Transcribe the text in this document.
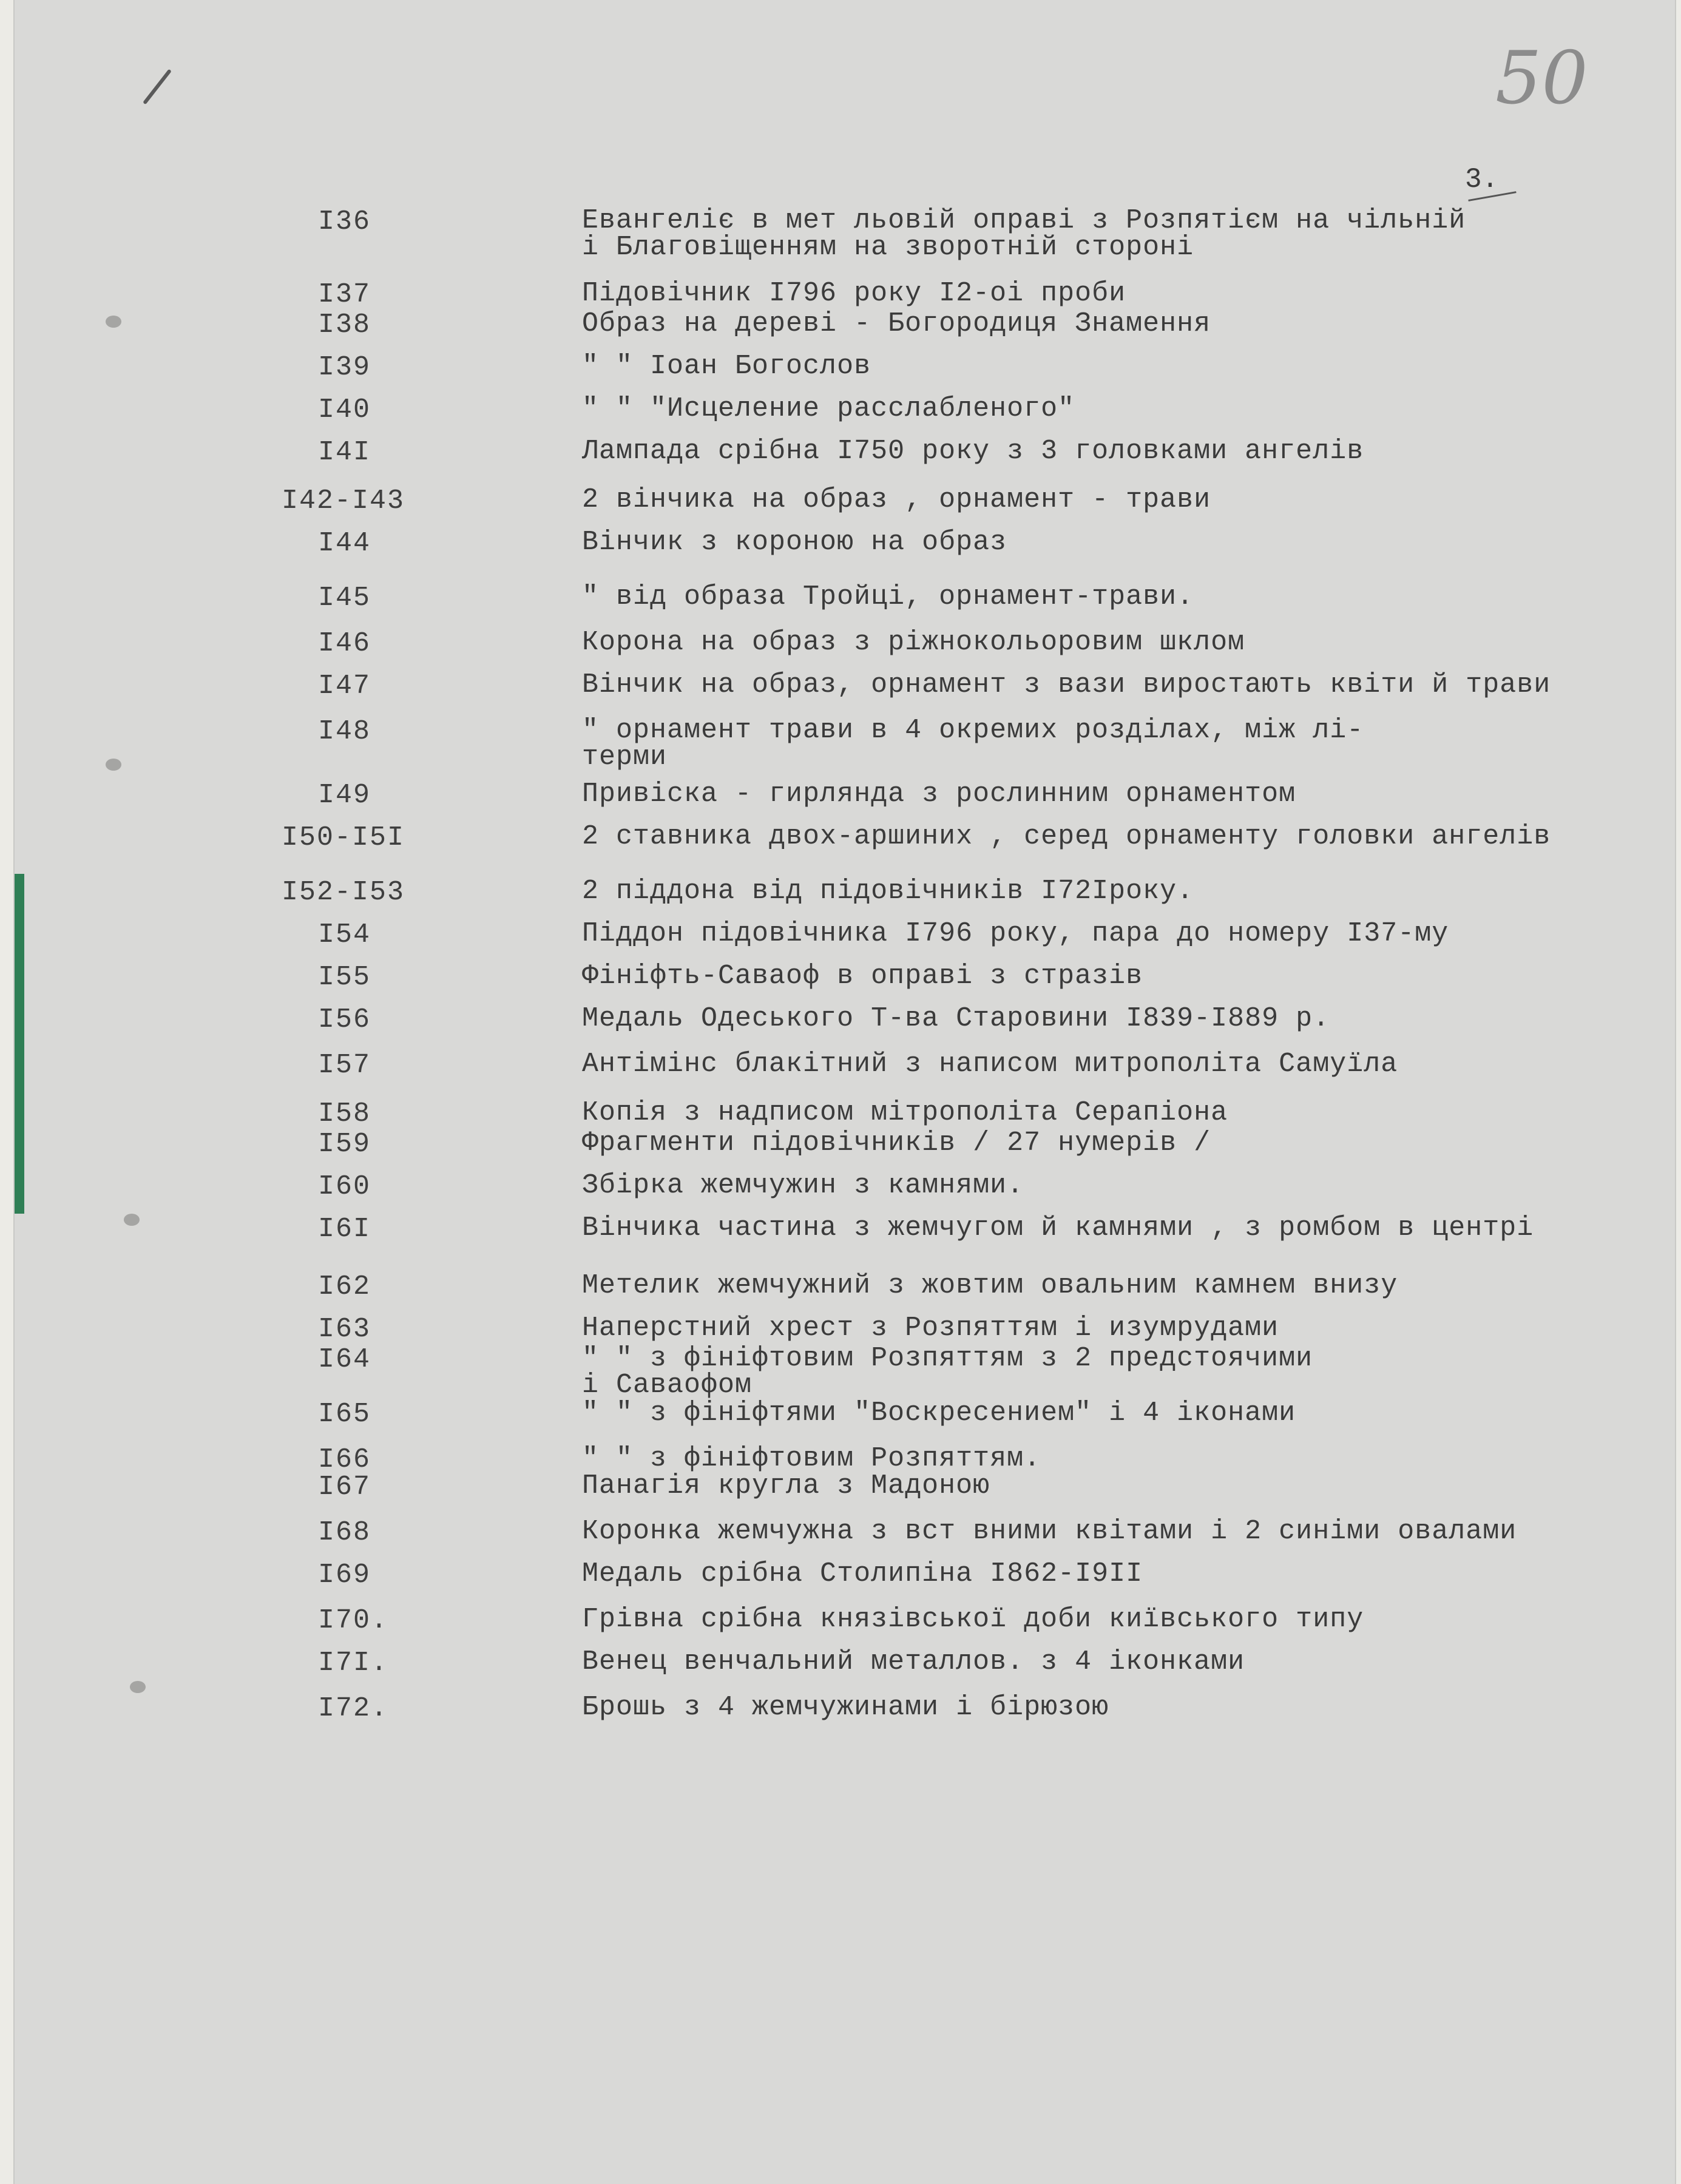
50
3.
I36	Евангеліє в мет льовій оправі з Розпятієм на чільній
і Благовіщенням на зворотній стороні
I37	Підовічник I796 року I2-oi проби
I38	Образ на дереві - Богородиця Знамення
I39	" " Іоан Богослов
I40	" " "Исцеление расслабленого"
I4I	Лампада срібна I750 року з 3 головками ангелів
I42-I43	2 вінчика на образ , орнамент - трави
I44	Вінчик з короною на образ
I45	" від образа Тройці, орнамент-трави.
I46	Корона на образ з ріжнокольоровим шклом
I47	Вінчик на образ, орнамент з вази виростають квіти й трави
I48	" орнамент трави в 4 окремих розділах, між лі-
терми
I49	Привіска - гирлянда з рослинним орнаментом
I50-I5I	2 ставника двох-аршиних , серед орнаменту головки ангелів
I52-I53	2 піддона від підовічників I72Iроку.
I54	Піддон підовічника I796 року, пара до номеру I37-му
I55	Фініфть-Саваоф в оправі з стразів
I56	Медаль Одеського Т-ва Старовини I839-I889 р.
I57	Антімінс блакітний з написом митрополіта Самуїла
I58	Копія з надписом мітрополіта Серапіона
I59	Фрагменти підовічників / 27 нумерів /
I60	Збірка жемчужин з камнями.
I6I	Вінчика частина з жемчугом й камнями , з ромбом в центрі
I62	Метелик жемчужний з жовтим овальним камнем внизу
I63	Наперстний хрест з Розпяттям і изумрудами
I64	" " з фініфтовим Розпяттям з 2 предстоячими
і Саваофом
I65	" " з фініфтями "Воскресением" і 4 іконами
I66	" " з фініфтовим Розпяттям.
I67	Панагія кругла з Мадоною
I68	Коронка жемчужна з вст вними квітами і 2 синіми овалами
I69	Медаль срібна Столипіна I862-I9II
I70.	Грівна срібна князівської доби київського типу
I7I.	Венец венчальний металлов. з 4 іконками
I72.	Брошь з 4 жемчужинами і бірюзою
